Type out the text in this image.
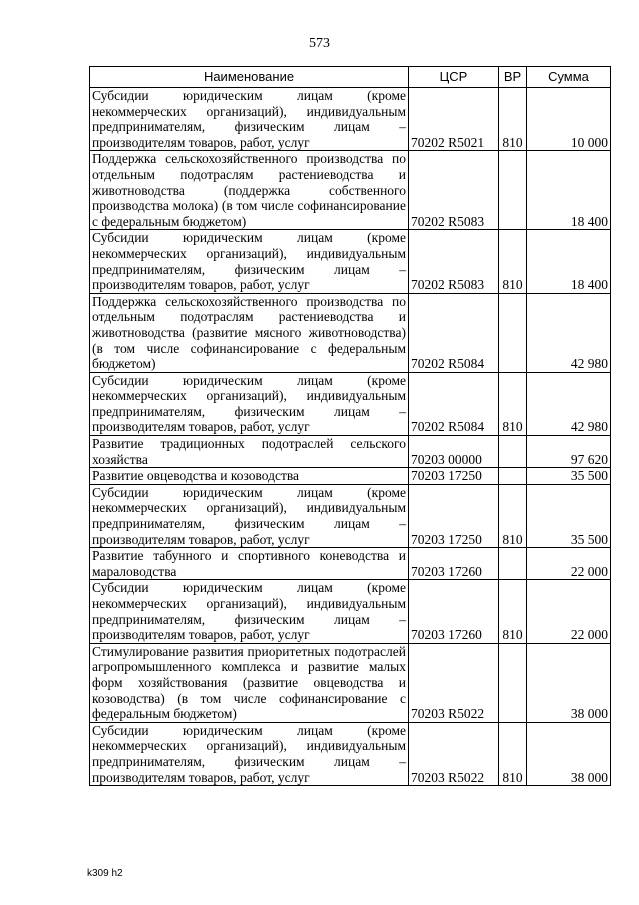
573
Наименование	ЦСР	ВР	Сумма
Субсидии юридическим лицам (кроме некоммерческих организаций), индивидуальным предпринимателям, физическим лицам – производителям товаров, работ, услуг	70202 R5021	810	10 000
Поддержка сельскохозяйственного производства по отдельным подотраслям растениеводства и животноводства (поддержка собственного производства молока) (в том числе софинансирование с федеральным бюджетом)	70202 R5083		18 400
Субсидии юридическим лицам (кроме некоммерческих организаций), индивидуальным предпринимателям, физическим лицам – производителям товаров, работ, услуг	70202 R5083	810	18 400
Поддержка сельскохозяйственного производства по отдельным подотраслям растениеводства и животноводства (развитие мясного животноводства) (в том числе софинансирование с федеральным бюджетом)	70202 R5084		42 980
Субсидии юридическим лицам (кроме некоммерческих организаций), индивидуальным предпринимателям, физическим лицам – производителям товаров, работ, услуг	70202 R5084	810	42 980
Развитие традиционных подотраслей сельского хозяйства	70203 00000		97 620
Развитие овцеводства и козоводства	70203 17250		35 500
Субсидии юридическим лицам (кроме некоммерческих организаций), индивидуальным предпринимателям, физическим лицам – производителям товаров, работ, услуг	70203 17250	810	35 500
Развитие табунного и спортивного коневодства и мараловодства	70203 17260		22 000
Субсидии юридическим лицам (кроме некоммерческих организаций), индивидуальным предпринимателям, физическим лицам – производителям товаров, работ, услуг	70203 17260	810	22 000
Стимулирование развития приоритетных подотраслей агропромышленного комплекса и развитие малых форм хозяйствования (развитие овцеводства и козоводства) (в том числе софинансирование с федеральным бюджетом)	70203 R5022		38 000
Субсидии юридическим лицам (кроме некоммерческих организаций), индивидуальным предпринимателям, физическим лицам – производителям товаров, работ, услуг	70203 R5022	810	38 000
k309 h2
